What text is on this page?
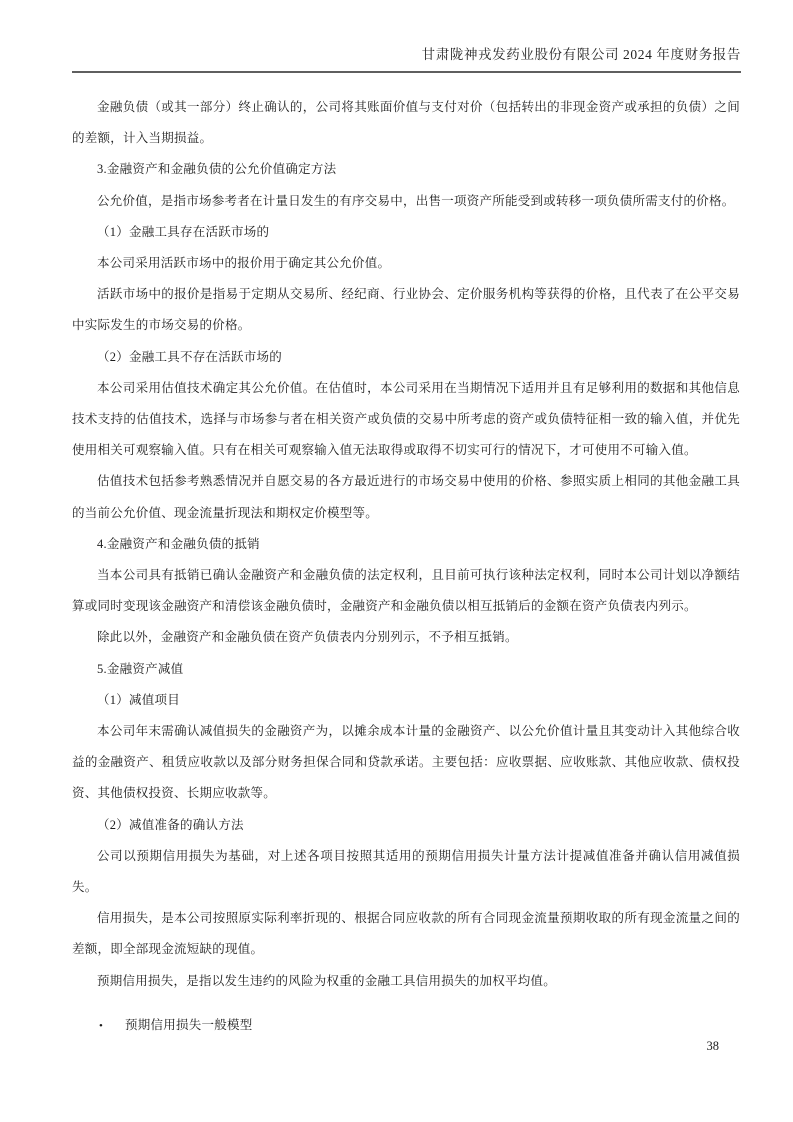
甘肃陇神戎发药业股份有限公司 2024 年度财务报告

金融负债（或其一部分）终止确认的，公司将其账面价值与支付对价（包括转出的非现金资产或承担的负债）之间的差额，计入当期损益。

3.金融资产和金融负债的公允价值确定方法

公允价值，是指市场参考者在计量日发生的有序交易中，出售一项资产所能受到或转移一项负债所需支付的价格。

（1）金融工具存在活跃市场的

本公司采用活跃市场中的报价用于确定其公允价值。

活跃市场中的报价是指易于定期从交易所、经纪商、行业协会、定价服务机构等获得的价格，且代表了在公平交易中实际发生的市场交易的价格。

（2）金融工具不存在活跃市场的

本公司采用估值技术确定其公允价值。在估值时，本公司采用在当期情况下适用并且有足够利用的数据和其他信息技术支持的估值技术，选择与市场参与者在相关资产或负债的交易中所考虑的资产或负债特征相一致的输入值，并优先使用相关可观察输入值。只有在相关可观察输入值无法取得或取得不切实可行的情况下，才可使用不可输入值。

估值技术包括参考熟悉情况并自愿交易的各方最近进行的市场交易中使用的价格、参照实质上相同的其他金融工具的当前公允价值、现金流量折现法和期权定价模型等。

4.金融资产和金融负债的抵销

当本公司具有抵销已确认金融资产和金融负债的法定权利，且目前可执行该种法定权利，同时本公司计划以净额结算或同时变现该金融资产和清偿该金融负债时，金融资产和金融负债以相互抵销后的金额在资产负债表内列示。

除此以外，金融资产和金融负债在资产负债表内分别列示，不予相互抵销。

5.金融资产减值

（1）减值项目

本公司年末需确认减值损失的金融资产为，以摊余成本计量的金融资产、以公允价值计量且其变动计入其他综合收益的金融资产、租赁应收款以及部分财务担保合同和贷款承诺。主要包括：应收票据、应收账款、其他应收款、债权投资、其他债权投资、长期应收款等。

（2）减值准备的确认方法

公司以预期信用损失为基础，对上述各项目按照其适用的预期信用损失计量方法计提减值准备并确认信用减值损失。

信用损失，是本公司按照原实际利率折现的、根据合同应收款的所有合同现金流量预期收取的所有现金流量之间的差额，即全部现金流短缺的现值。

预期信用损失，是指以发生违约的风险为权重的金融工具信用损失的加权平均值。

•	预期信用损失一般模型
38
